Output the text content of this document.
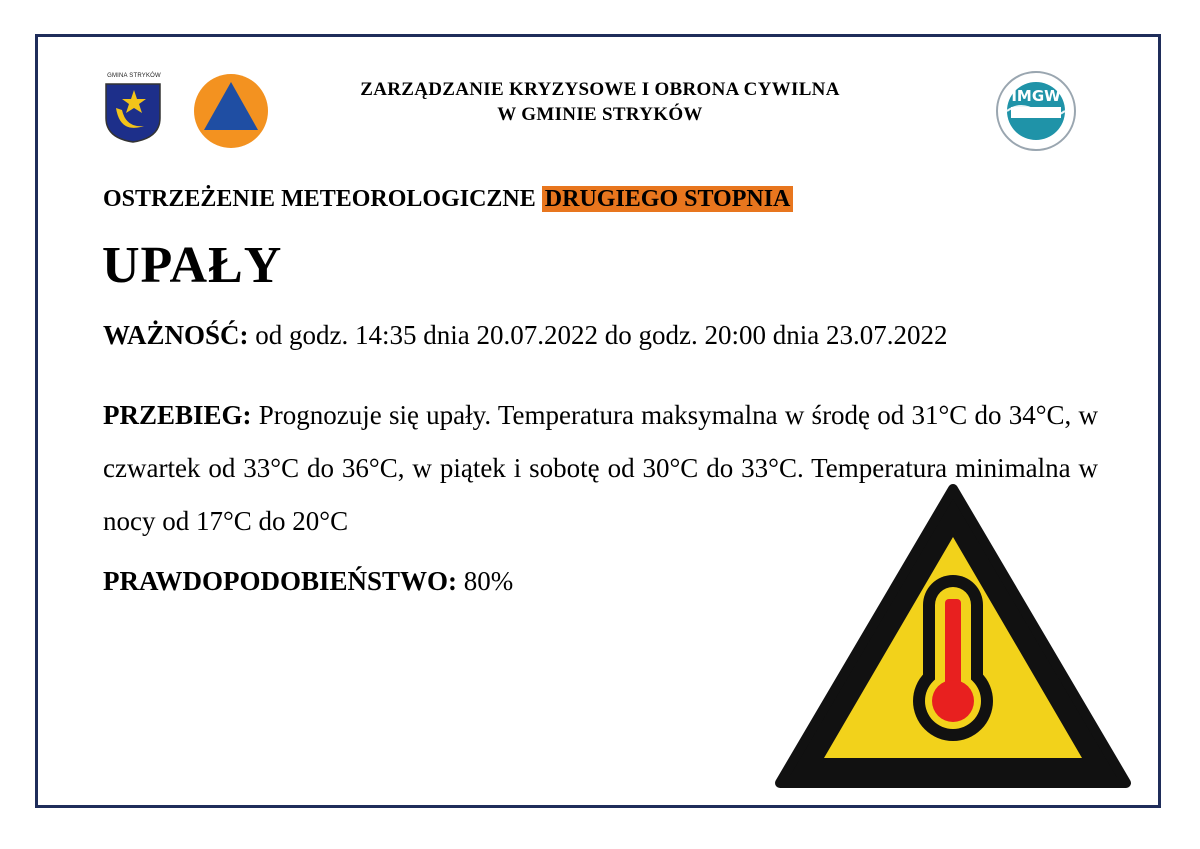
GMINA STRYKÓW
ZARZĄDZANIE KRYZYSOWE I OBRONA CYWILNA
W GMINIE STRYKÓW
IMGW
OSTRZEŻENIE METEOROLOGICZNE DRUGIEGO STOPNIA
UPAŁY
WAŻNOŚĆ: od godz. 14:35 dnia 20.07.2022 do godz. 20:00 dnia 23.07.2022
PRZEBIEG: Prognozuje się upały. Temperatura maksymalna w środę od 31°C do 34°C, w czwartek od 33°C do 36°C, w piątek i sobotę od 30°C do 33°C. Temperatura minimalna w nocy od 17°C do 20°C
PRAWDOPODOBIEŃSTWO: 80%
